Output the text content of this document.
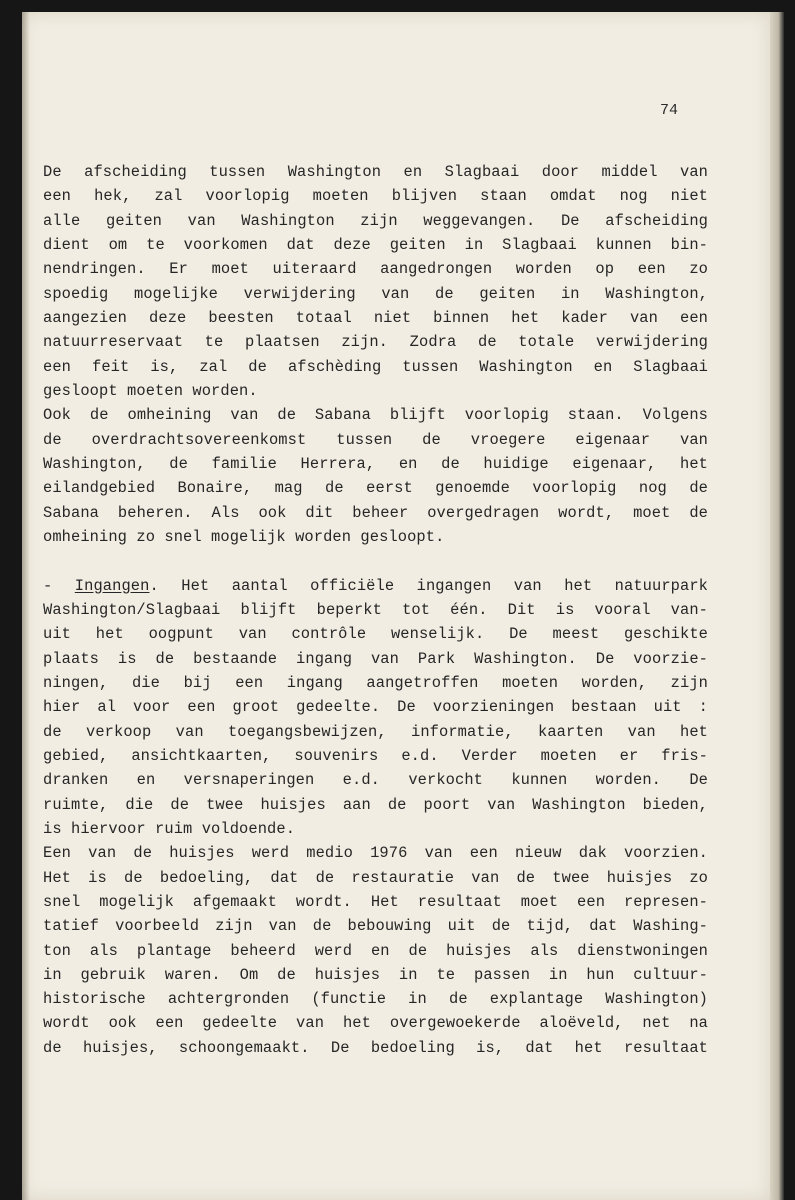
74
De afscheiding tussen Washington en Slagbaai door middel van
een hek, zal voorlopig moeten blijven staan omdat nog niet
alle geiten van Washington zijn weggevangen. De afscheiding
dient om te voorkomen dat deze geiten in Slagbaai kunnen bin-
nendringen. Er moet uiteraard aangedrongen worden op een zo
spoedig mogelijke verwijdering van de geiten in Washington,
aangezien deze beesten totaal niet binnen het kader van een
natuurreservaat te plaatsen zijn. Zodra de totale verwijdering
een feit is, zal de afschèding tussen Washington en Slagbaai
gesloopt moeten worden.
Ook de omheining van de Sabana blijft voorlopig staan. Volgens
de overdrachtsovereenkomst tussen de vroegere eigenaar van
Washington, de familie Herrera, en de huidige eigenaar, het
eilandgebied Bonaire, mag de eerst genoemde voorlopig nog de
Sabana beheren. Als ook dit beheer overgedragen wordt, moet de
omheining zo snel mogelijk worden gesloopt.
- Ingangen. Het aantal officiële ingangen van het natuurpark
Washington/Slagbaai blijft beperkt tot één. Dit is vooral van-
uit het oogpunt van contrôle wenselijk. De meest geschikte
plaats is de bestaande ingang van Park Washington. De voorzie-
ningen, die bij een ingang aangetroffen moeten worden, zijn
hier al voor een groot gedeelte. De voorzieningen bestaan uit :
de verkoop van toegangsbewijzen, informatie, kaarten van het
gebied, ansichtkaarten, souvenirs e.d. Verder moeten er fris-
dranken en versnaperingen e.d. verkocht kunnen worden. De
ruimte, die de twee huisjes aan de poort van Washington bieden,
is hiervoor ruim voldoende.
Een van de huisjes werd medio 1976 van een nieuw dak voorzien.
Het is de bedoeling, dat de restauratie van de twee huisjes zo
snel mogelijk afgemaakt wordt. Het resultaat moet een represen-
tatief voorbeeld zijn van de bebouwing uit de tijd, dat Washing-
ton als plantage beheerd werd en de huisjes als dienstwoningen
in gebruik waren. Om de huisjes in te passen in hun cultuur-
historische achtergronden (functie in de explantage Washington)
wordt ook een gedeelte van het overgewoekerde aloëveld, net na
de huisjes, schoongemaakt. De bedoeling is, dat het resultaat
